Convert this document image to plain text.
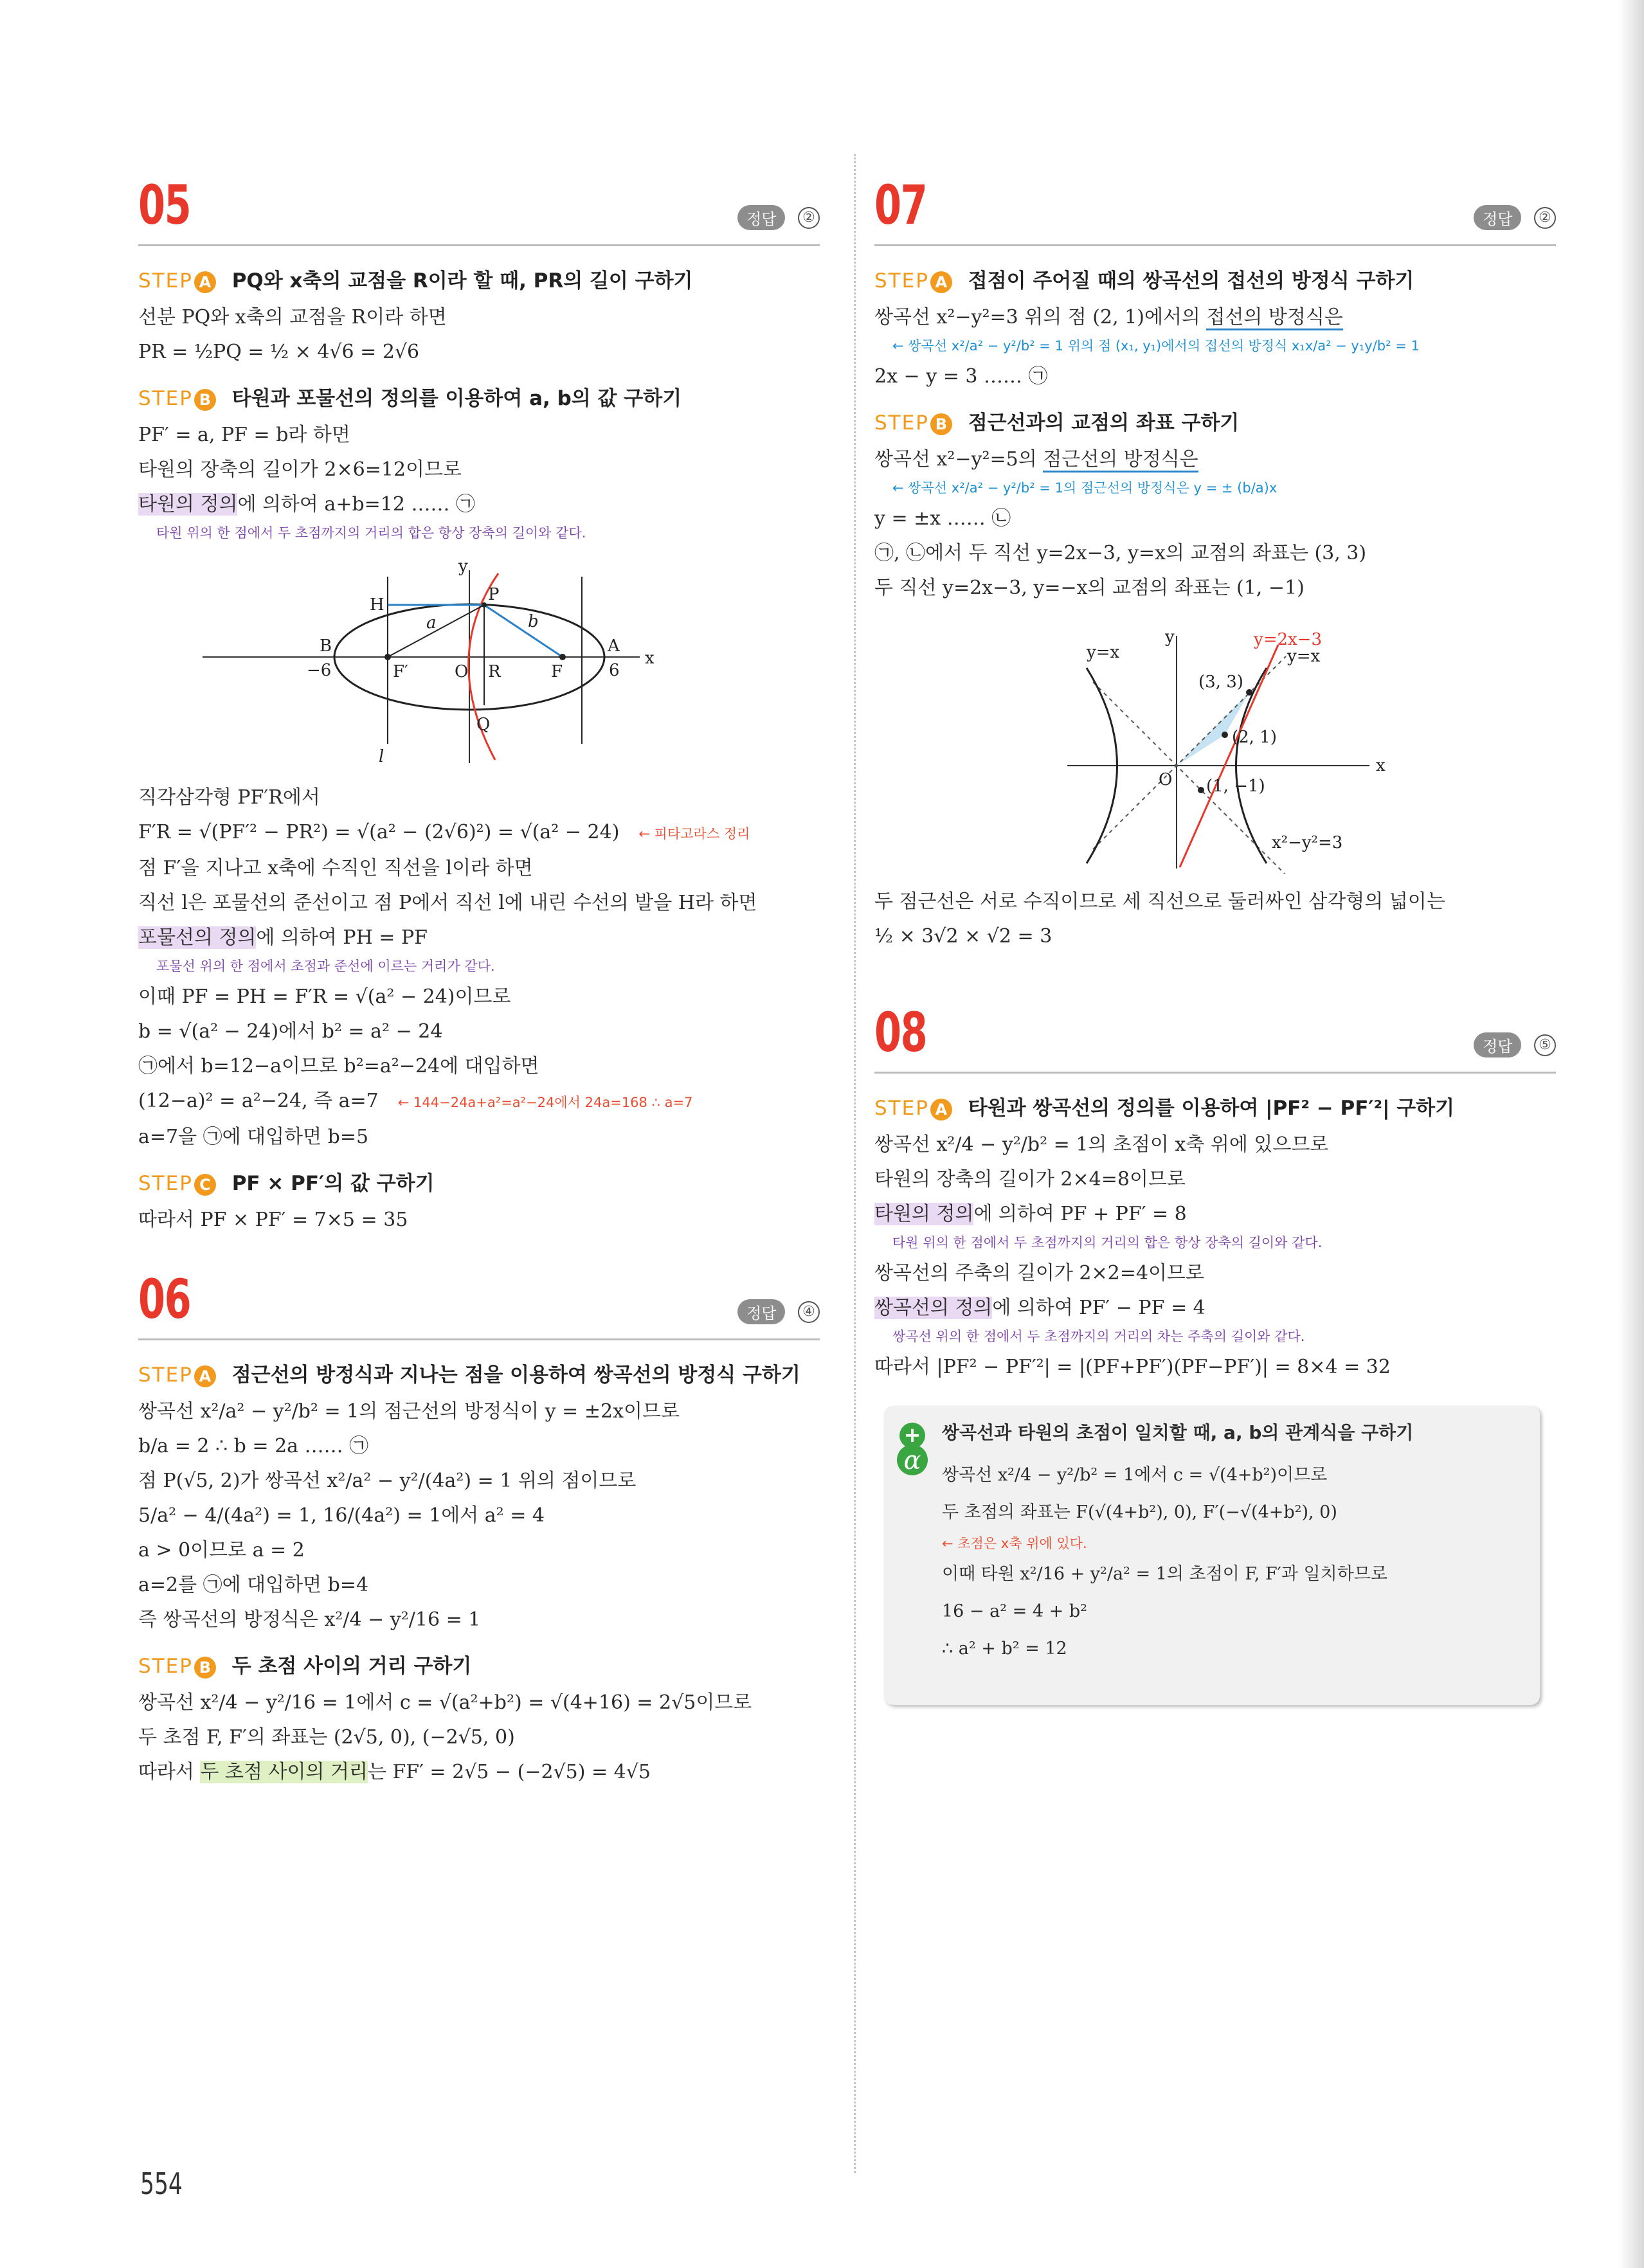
05	정답 ②
STEP A PQ와 x축의 교점을 R이라 할 때, PR의 길이 구하기
선분 PQ와 x축의 교점을 R이라 하면
PR = ½PQ = ½ × 4√6 = 2√6
STEP B 타원과 포물선의 정의를 이용하여 a, b의 값 구하기
PF′ = a, PF = b라 하면
타원의 장축의 길이가 2×6=12이므로
타원의 정의에 의하여 a+b=12 …… ㉠
타원 위의 한 점에서 두 초점까지의 거리의 합은 항상 장축의 길이와 같다.
y
x
H
P
a	b
B	A
−6	6
F′	O R	F
Q
l
직각삼각형 PF′R에서
F′R = √(PF′² − PR²) = √(a² − (2√6)²) = √(a² − 24) ← 피타고라스 정리
점 F′을 지나고 x축에 수직인 직선을 l이라 하면
직선 l은 포물선의 준선이고 점 P에서 직선 l에 내린 수선의 발을 H라 하면
포물선의 정의에 의하여 PH = PF
포물선 위의 한 점에서 초점과 준선에 이르는 거리가 같다.
이때 PF = PH = F′R = √(a² − 24)이므로
b = √(a² − 24)에서 b² = a² − 24
㉠에서 b=12−a이므로 b²=a²−24에 대입하면
(12−a)² = a²−24, 즉 a=7 ← 144−24a+a²=a²−24에서 24a=168 ∴ a=7
a=7을 ㉠에 대입하면 b=5
STEP C PF × PF′의 값 구하기
따라서 PF × PF′ = 7×5 = 35
06	정답 ④
STEP A 점근선의 방정식과 지나는 점을 이용하여 쌍곡선의 방정식 구하기
쌍곡선 x²/a² − y²/b² = 1의 점근선의 방정식이 y = ±2x이므로
b/a = 2 ∴ b = 2a …… ㉠
점 P(√5, 2)가 쌍곡선 x²/a² − y²/(4a²) = 1 위의 점이므로
5/a² − 4/(4a²) = 1, 16/(4a²) = 1에서 a² = 4
a > 0이므로 a = 2
a=2를 ㉠에 대입하면 b=4
즉 쌍곡선의 방정식은 x²/4 − y²/16 = 1
STEP B 두 초점 사이의 거리 구하기
쌍곡선 x²/4 − y²/16 = 1에서 c = √(a²+b²) = √(4+16) = 2√5이므로
두 초점 F, F′의 좌표는 (2√5, 0), (−2√5, 0)
따라서 두 초점 사이의 거리는 FF′ = 2√5 − (−2√5) = 4√5
07	정답 ②
STEP A 접점이 주어질 때의 쌍곡선의 접선의 방정식 구하기
쌍곡선 x²−y²=3 위의 점 (2, 1)에서의 접선의 방정식은
← 쌍곡선 x²/a² − y²/b² = 1 위의 점 (x₁, y₁)에서의 접선의 방정식 x₁x/a² − y₁y/b² = 1
2x − y = 3 …… ㉠
STEP B 점근선과의 교점의 좌표 구하기
쌍곡선 x²−y²=5의 점근선의 방정식은
← 쌍곡선 x²/a² − y²/b² = 1의 점근선의 방정식은 y = ± (b/a)x
y = ±x …… ㉡
㉠, ㉡에서 두 직선 y=2x−3, y=x의 교점의 좌표는 (3, 3)
두 직선 y=2x−3, y=−x의 교점의 좌표는 (1, −1)
y
x
y=x
y=2x−3
y=x
(3, 3)
(2, 1)
O (1, −1)
x²−y²=3
두 점근선은 서로 수직이므로 세 직선으로 둘러싸인 삼각형의 넓이는
½ × 3√2 × √2 = 3
08	정답 ⑤
STEP A 타원과 쌍곡선의 정의를 이용하여 |PF² − PF′²| 구하기
쌍곡선 x²/4 − y²/b² = 1의 초점이 x축 위에 있으므로
타원의 장축의 길이가 2×4=8이므로
타원의 정의에 의하여 PF + PF′ = 8
타원 위의 한 점에서 두 초점까지의 거리의 합은 항상 장축의 길이와 같다.
쌍곡선의 주축의 길이가 2×2=4이므로
쌍곡선의 정의에 의하여 PF′ − PF = 4
쌍곡선 위의 한 점에서 두 초점까지의 거리의 차는 주축의 길이와 같다.
따라서 |PF² − PF′²| = |(PF+PF′)(PF−PF′)| = 8×4 = 32
+
α
쌍곡선과 타원의 초점이 일치할 때, a, b의 관계식을 구하기
쌍곡선 x²/4 − y²/b² = 1에서 c = √(4+b²)이므로
두 초점의 좌표는 F(√(4+b²), 0), F′(−√(4+b²), 0)
← 초점은 x축 위에 있다.
이때 타원 x²/16 + y²/a² = 1의 초점이 F, F′과 일치하므로
16 − a² = 4 + b²
∴ a² + b² = 12
554
